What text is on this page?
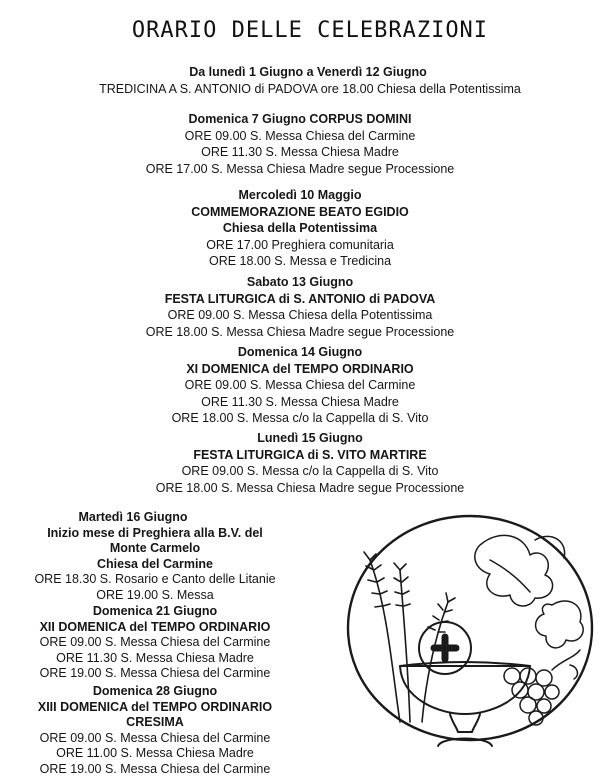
ORARIO DELLE CELEBRAZIONI
Da lunedì 1 Giugno a Venerdì 12 Giugno
TREDICINA A S. ANTONIO di PADOVA ore 18.00 Chiesa della Potentissima
Domenica 7 Giugno CORPUS DOMINI
ORE 09.00 S. Messa Chiesa del Carmine
ORE 11.30 S. Messa Chiesa Madre
ORE 17.00 S. Messa Chiesa Madre segue Processione
Mercoledì 10 Maggio
COMMEMORAZIONE BEATO EGIDIO
Chiesa della Potentissima
ORE 17.00 Preghiera comunitaria
ORE 18.00 S. Messa e Tredicina
Sabato 13 Giugno
FESTA LITURGICA di S. ANTONIO di PADOVA
ORE 09.00 S. Messa Chiesa della Potentissima
ORE 18.00 S. Messa Chiesa Madre segue Processione
Domenica 14 Giugno
XI DOMENICA del TEMPO ORDINARIO
ORE 09.00 S. Messa Chiesa del Carmine
ORE 11.30 S. Messa Chiesa Madre
ORE 18.00 S. Messa c/o la Cappella di S. Vito
Lunedì 15 Giugno
FESTA LITURGICA di S. VITO MARTIRE
ORE 09.00 S. Messa c/o la Cappella di S. Vito
ORE 18.00 S. Messa Chiesa Madre segue Processione
Martedì 16 Giugno
Inizio mese di Preghiera alla B.V. del
Monte Carmelo
Chiesa del Carmine
ORE 18.30 S. Rosario e Canto delle Litanie
ORE 19.00 S. Messa
Domenica 21 Giugno
XII DOMENICA del TEMPO ORDINARIO
ORE 09.00 S. Messa Chiesa del Carmine
ORE 11.30 S. Messa Chiesa Madre
ORE 19.00 S. Messa Chiesa del Carmine
Domenica 28 Giugno
XIII DOMENICA del TEMPO ORDINARIO
CRESIMA
ORE 09.00 S. Messa Chiesa del Carmine
ORE 11.00 S. Messa Chiesa Madre
ORE 19.00 S. Messa Chiesa del Carmine
